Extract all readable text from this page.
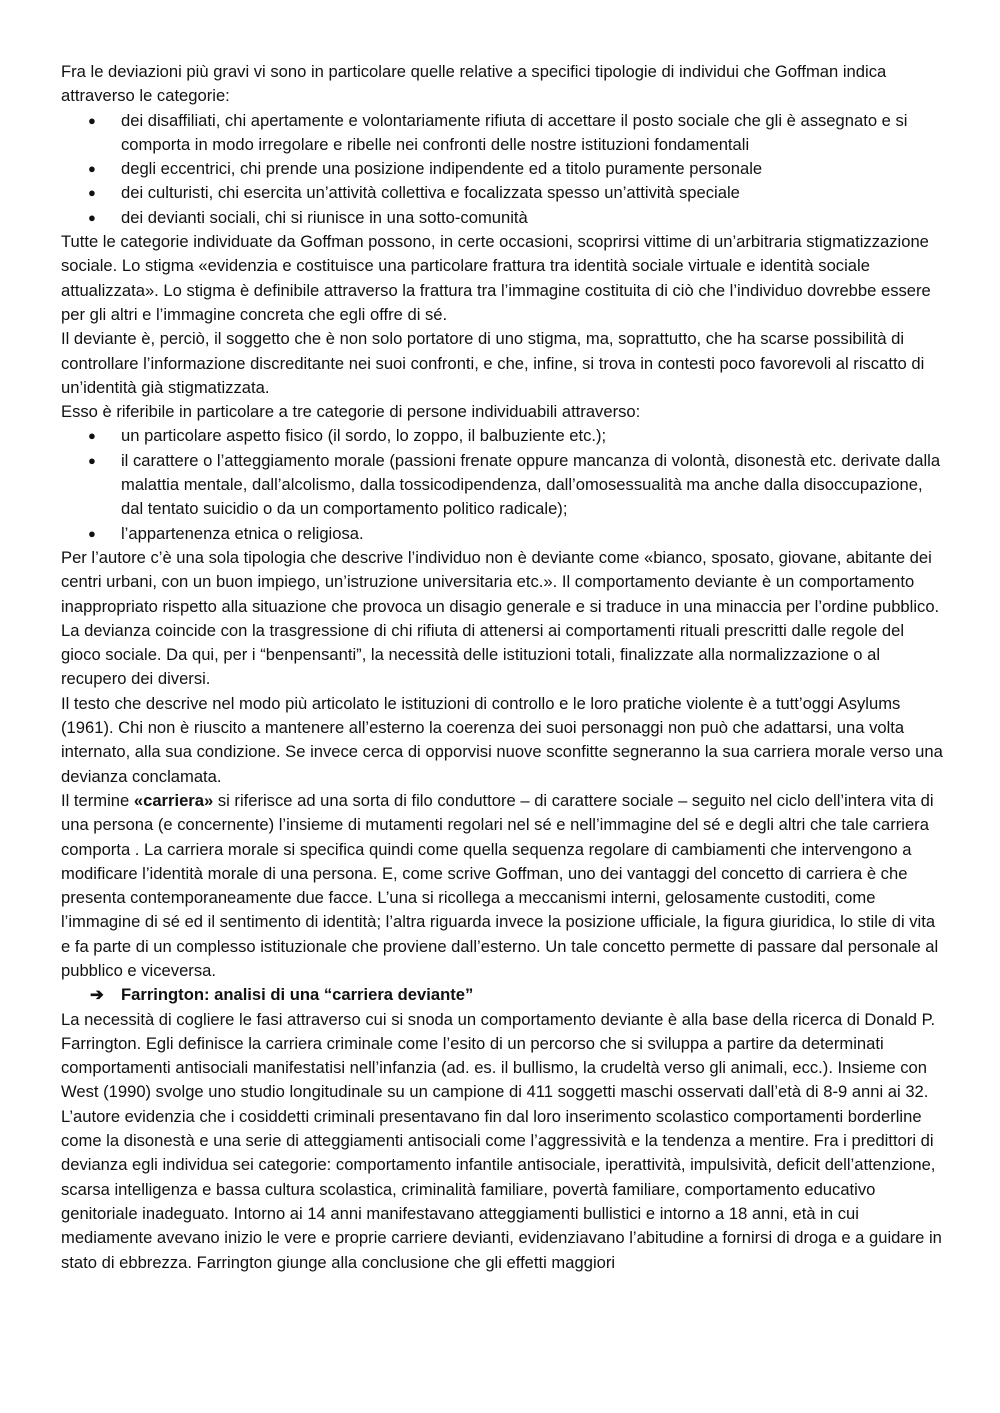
Fra le deviazioni più gravi vi sono in particolare quelle relative a specifici tipologie di individui che Goffman indica attraverso le categorie:

● dei disaffiliati, chi apertamente e volontariamente rifiuta di accettare il posto sociale che gli è assegnato e si comporta in modo irregolare e ribelle nei confronti delle nostre istituzioni fondamentali
● degli eccentrici, chi prende una posizione indipendente ed a titolo puramente personale
● dei culturisti, chi esercita un’attività collettiva e focalizzata spesso un’attività speciale
● dei devianti sociali, chi si riunisce in una sotto-comunità

Tutte le categorie individuate da Goffman possono, in certe occasioni, scoprirsi vittime di un’arbitraria stigmatizzazione sociale. Lo stigma «evidenzia e costituisce una particolare frattura tra identità sociale virtuale e identità sociale attualizzata». Lo stigma è definibile attraverso la frattura tra l’immagine costituita di ciò che l’individuo dovrebbe essere per gli altri e l’immagine concreta che egli offre di sé.

Il deviante è, perciò, il soggetto che è non solo portatore di uno stigma, ma, soprattutto, che ha scarse possibilità di controllare l’informazione discreditante nei suoi confronti, e che, infine, si trova in contesti poco favorevoli al riscatto di un’identità già stigmatizzata.

Esso è riferibile in particolare a tre categorie di persone individuabili attraverso:

● un particolare aspetto fisico (il sordo, lo zoppo, il balbuziente etc.);
● il carattere o l’atteggiamento morale (passioni frenate oppure mancanza di volontà, disonestà etc. derivate dalla malattia mentale, dall’alcolismo, dalla tossicodipendenza, dall’omosessualità ma anche dalla disoccupazione, dal tentato suicidio o da un comportamento politico radicale);
● l’appartenenza etnica o religiosa.

Per l’autore c’è una sola tipologia che descrive l’individuo non è deviante come «bianco, sposato, giovane, abitante dei centri urbani, con un buon impiego, un’istruzione universitaria etc.». Il comportamento deviante è un comportamento inappropriato rispetto alla situazione che provoca un disagio generale e si traduce in una minaccia per l’ordine pubblico. La devianza coincide con la trasgressione di chi rifiuta di attenersi ai comportamenti rituali prescritti dalle regole del gioco sociale. Da qui, per i “benpensanti”, la necessità delle istituzioni totali, finalizzate alla normalizzazione o al recupero dei diversi.

Il testo che descrive nel modo più articolato le istituzioni di controllo e le loro pratiche violente è a tutt’oggi Asylums (1961). Chi non è riuscito a mantenere all’esterno la coerenza dei suoi personaggi non può che adattarsi, una volta internato, alla sua condizione. Se invece cerca di opporvisi nuove sconfitte segneranno la sua carriera morale verso una devianza conclamata.

Il termine «carriera» si riferisce ad una sorta di filo conduttore – di carattere sociale – seguito nel ciclo dell’intera vita di una persona (e concernente) l’insieme di mutamenti regolari nel sé e nell’immagine del sé e degli altri che tale carriera comporta . La carriera morale si specifica quindi come quella sequenza regolare di cambiamenti che intervengono a modificare l’identità morale di una persona. E, come scrive Goffman, uno dei vantaggi del concetto di carriera è che presenta contemporaneamente due facce. L’una si ricollega a meccanismi interni, gelosamente custoditi, come l’immagine di sé ed il sentimento di identità; l’altra riguarda invece la posizione ufficiale, la figura giuridica, lo stile di vita e fa parte di un complesso istituzionale che proviene dall’esterno. Un tale concetto permette di passare dal personale al pubblico e viceversa.

➔ Farrington: analisi di una “carriera deviante”

La necessità di cogliere le fasi attraverso cui si snoda un comportamento deviante è alla base della ricerca di Donald P. Farrington. Egli definisce la carriera criminale come l’esito di un percorso che si sviluppa a partire da determinati comportamenti antisociali manifestatisi nell’infanzia (ad. es. il bullismo, la crudeltà verso gli animali, ecc.). Insieme con West (1990) svolge uno studio longitudinale su un campione di 411 soggetti maschi osservati dall’età di 8-9 anni ai 32. L’autore evidenzia che i cosiddetti criminali presentavano fin dal loro inserimento scolastico comportamenti borderline come la disonestà e una serie di atteggiamenti antisociali come l’aggressività e la tendenza a mentire. Fra i predittori di devianza egli individua sei categorie: comportamento infantile antisociale, iperattività, impulsività, deficit dell’attenzione, scarsa intelligenza e bassa cultura scolastica, criminalità familiare, povertà familiare, comportamento educativo genitoriale inadeguato. Intorno ai 14 anni manifestavano atteggiamenti bullistici e intorno a 18 anni, età in cui mediamente avevano inizio le vere e proprie carriere devianti, evidenziavano l’abitudine a fornirsi di droga e a guidare in stato di ebbrezza. Farrington giunge alla conclusione che gli effetti maggiori
